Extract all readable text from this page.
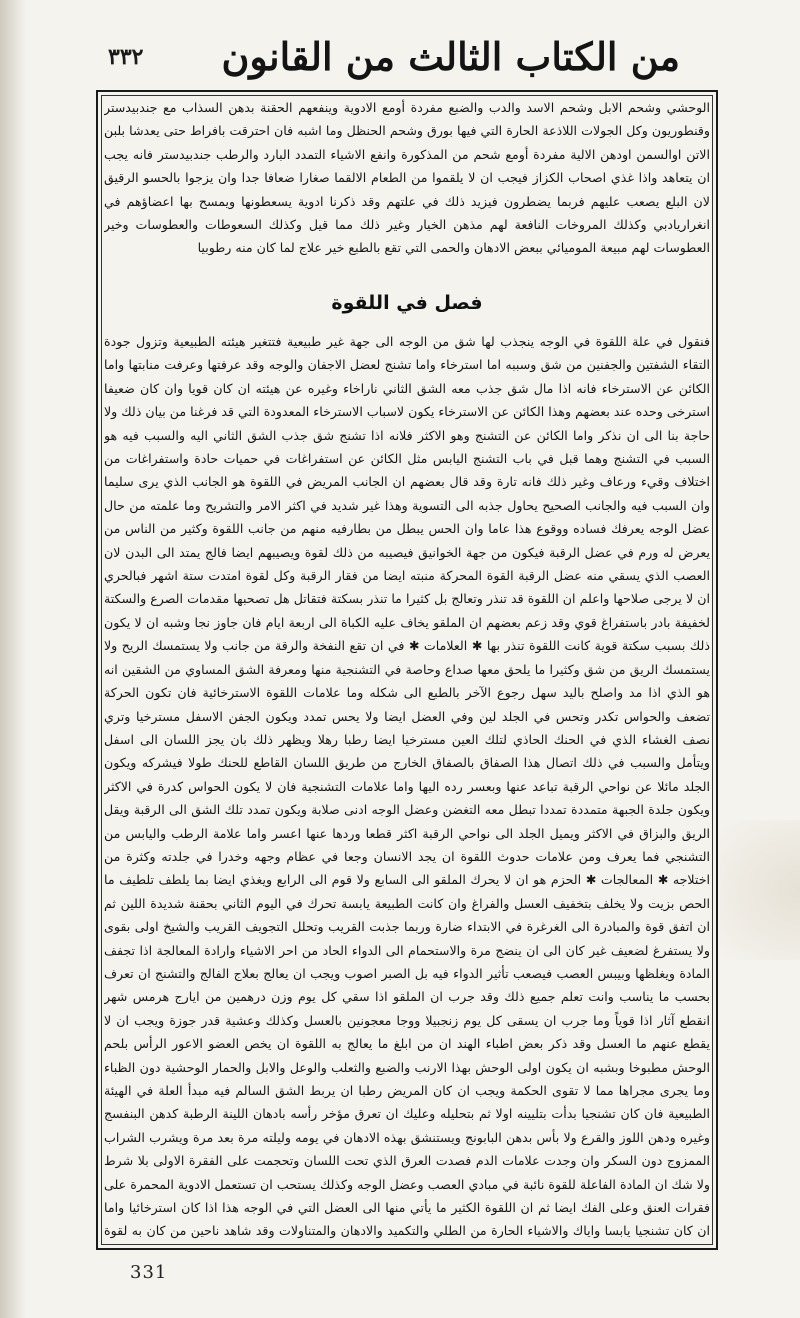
٣٣٢ من الكتاب الثالث من القانون
الوحشي وشحم الابل وشحم الاسد والدب والضبع مفردة أومع الادوية وينفعهم الحقنة بدهن السذاب مع جندبيدستر وقنطوريون وكل الجولات اللاذعة الحارة التي فيها بورق وشحم الحنظل وما اشبه فان احترقت بافراط حتى يعدشا بلبن الاتن اوالسمن اودهن الالية مفردة أومع شحم من المذكورة وانفع الاشياء التمدد البارد والرطب جندبيدستر فانه يجب ان يتعاهد واذا غذي اصحاب الكزاز فيجب ان لا يلقموا من الطعام الالقما صغارا ضعافا جدا وان يزجوا بالحسو الرقيق لان البلع يصعب عليهم فربما يضطرون فيزيد ذلك في علتهم وقد ذكرنا ادوية يسعطونها ويمسح بها اعضاؤهم في انغراريادبي وكذلك المروخات النافعة لهم مذهن الخيار وغير ذلك مما قيل وكذلك السعوطات والعطوسات وخير العطوسات لهم مبيعة الموميائي ببعض الادهان والحمى التي تقع بالطبع خير علاج لما كان منه رطوبيا
فصل في اللقوة
فنقول في علة اللقوة في الوجه ينجذب لها شق من الوجه الى جهة غير طبيعية فتتغير هيئته الطبيعية وتزول جودة التقاء الشفتين والجفنين من شق وسببه اما استرخاء واما تشنج لعضل الاجفان والوجه وقد عرفتها وعرفت منابتها واما الكائن عن الاسترخاء فانه اذا مال شق جذب معه الشق الثاني ناراخاء وغيره عن هيئته ان كان قويا وان كان ضعيفا استرخى وحده عند بعضهم وهذا الكائن عن الاسترخاء يكون لاسباب الاسترخاء المعدودة التي قد فرغنا من بيان ذلك ولا حاجة بنا الى ان نذكر واما الكائن عن التشنج وهو الاكثر فلانه اذا تشنج شق جذب الشق الثاني اليه والسبب فيه هو السبب في التشنج وهما قبل في باب التشنج اليابس مثل الكائن عن استفراغات في حميات حادة واستفراغات من اختلاف وقيء ورعاف وغير ذلك فانه تارة وقد قال بعضهم ان الجانب المريض في اللقوة هو الجانب الذي يرى سليما وان السبب فيه والجانب الصحيح يحاول جذبه الى التسوية وهذا غير شديد في اكثر الامر والتشريح وما علمته من حال عضل الوجه يعرفك فساده ووقوع هذا عاما وان الحس يبطل من بطارفيه منهم من جانب اللقوة وكثير من الناس من يعرض له ورم في عضل الرقبة فيكون من جهة الخوانيق فيصيبه من ذلك لقوة ويصيبهم ايضا فالج يمتد الى البدن لان العصب الذي يسقي منه عضل الرقبة القوة المحركة منبته ايضا من فقار الرقبة وكل لقوة امتدت ستة اشهر فبالحري ان لا يرجى صلاحها واعلم ان اللقوة قد تنذر وتعالج بل كثيرا ما تنذر بسكتة فتقاتل هل تصحبها مقدمات الصرع والسكتة لخفيفة بادر باستفراغ قوي وقد زعم بعضهم ان الملقو يخاف عليه الكباة الى اربعة ايام فان جاوز نجا وشبه ان لا يكون ذلك بسبب سكتة قوية كانت اللقوة تنذر بها ✱ العلامات ✱ في ان تقع النفخة والرقة من جانب ولا يستمسك الريح ولا يستمسك الريق من شق وكثيرا ما يلحق معها صداع وحاصة في التشنجية منها ومعرفة الشق المساوي من الشقين انه هو الذي اذا مد واصلح باليد سهل رجوع الآخر بالطبع الى شكله وما علامات اللقوة الاسترخائية فان تكون الحركة تضعف والحواس تكدر وتحس في الجلد لين وفي العضل ايضا ولا يحس تمدد ويكون الجفن الاسفل مسترخيا وتري نصف الغشاء الذي في الحنك الحاذي لتلك العين مسترخيا ايضا رطبا رهلا ويظهر ذلك بان يجز اللسان الى اسفل ويتأمل والسبب في ذلك اتصال هذا الصفاق بالصفاق الخارج من طريق اللسان القاطع للحنك طولا فيشركه ويكون الجلد مائلا عن نواحي الرقبة تباعد عنها وبعسر رده اليها واما علامات التشنجية فان لا يكون الحواس كدرة في الاكثر ويكون جلدة الجبهة متمددة تمددا تبطل معه التغضن وعضل الوجه ادنى صلابة ويكون تمدد تلك الشق الى الرقبة ويقل الريق والبزاق في الاكثر ويميل الجلد الى نواحي الرقبة اكثر قطعا وردها عنها اعسر واما علامة الرطب واليابس من التشنجي فما يعرف ومن علامات حدوث اللقوة ان يجد الانسان وجعا في عظام وجهه وخدرا في جلدته وكثرة من اختلاجه ✱ المعالجات ✱ الحزم هو ان لا يحرك الملقو الى السابع ولا قوم الى الرابع ويغذي ايضا بما يلطف تلطيف ما الحص بزيت ولا يخلف بتخفيف العسل والفراغ وان كانت الطبيعة يابسة تحرك في اليوم الثاني بحقنة شديدة اللين ثم ان اتفق قوة والمبادرة الى الغرغرة في الابتداء ضارة وربما جذبت القريب وتحلل التجويف القريب والشيخ اولى بقوى ولا يستفرغ لضعيف غير كان الى ان ينضج مرة والاستحمام الى الدواء الحاد من احر الاشياء وارادة المعالجة اذا تجفف المادة ويغلظها وبيبس العصب فيصعب تأثير الدواء فيه بل الصبر اصوب ويجب ان يعالج بعلاج الفالج والتشنج ان تعرف بحسب ما يناسب وانت تعلم جميع ذلك وقد جرب ان الملقو اذا سقي كل يوم وزن درهمين من ايارج هرمس شهر انقطع آثار اذا قوياً وما جرب ان يسقى كل يوم زنجبيلا ووجا معجونين بالعسل وكذلك وعشية قدر جوزة ويجب ان لا يقطع عنهم ما العسل وقد ذكر بعض اطباء الهند ان من ابلغ ما يعالج به اللقوة ان يخص العضو الاعور الرأس بلحم الوحش مطبوخا وبشبه ان يكون اولى الوحش بهذا الارنب والضبع والثعلب والوعل والابل والحمار الوحشية دون الظباء وما يجرى مجراها مما لا تقوى الحكمة ويجب ان كان المريض رطبا ان يربط الشق السالم فيه مبدأ العلة في الهيئة الطبيعية فان كان تشنجيا بدأت بتليينه اولا ثم بتحليله وعليك ان تعرق مؤخر رأسه بادهان اللينة الرطبة كدهن البنفسج وغيره ودهن اللوز والقرع ولا بأس بدهن البابونج ويستنشق بهذه الادهان في يومه وليلته مرة بعد مرة ويشرب الشراب الممزوج دون السكر وان وجدت علامات الدم فصدت العرق الذي تحت اللسان وتحجمت على الفقرة الاولى بلا شرط ولا شك ان المادة الفاعلة للقوة نائبة في مبادي العصب وعضل الوجه وكذلك يستحب ان تستعمل الادوية المحمرة على فقرات العنق وعلى الفك ايضا ثم ان اللقوة الكثير ما يأتي منها الى العضل التي في الوجه هذا اذا كان استرخائيا واما ان كان تشنجيا يابسا واياك والاشياء الحارة من الطلي والتكميد والادهان والمتناولات وقد شاهد ناحين من كان به لقوة
331
